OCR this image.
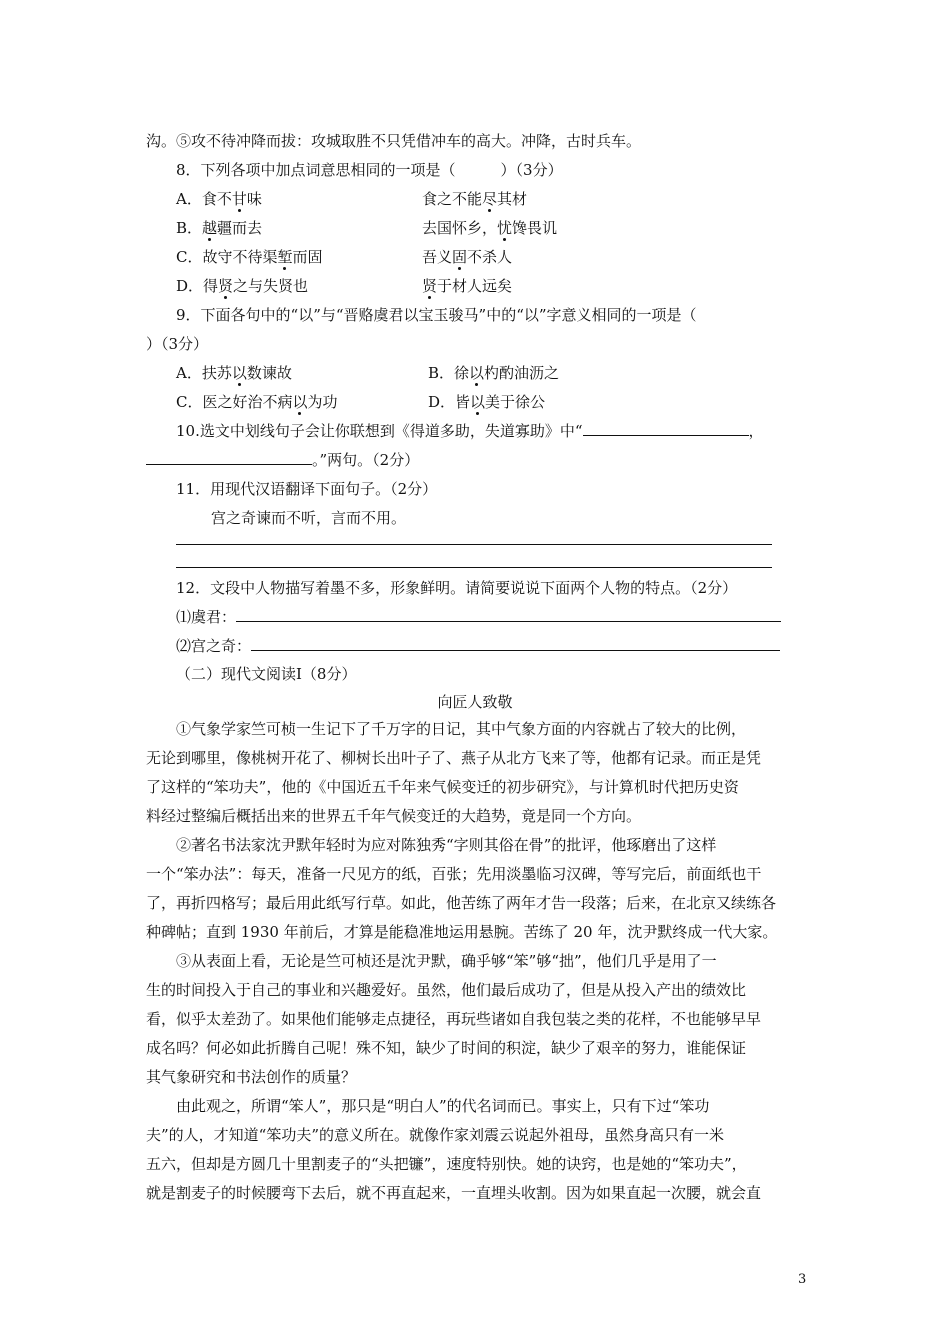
沟。⑤攻不待冲降而拔：攻城取胜不只凭借冲车的高大。冲降，古时兵车。
8．下列各项中加点词意思相同的一项是（　　　）（3分）
A．食不甘味	食之不能尽其材
B．越疆而去	去国怀乡，忧馋畏讥
C．故守不待渠堑而固	吾义固不杀人
D．得贤之与失贤也	贤于材人远矣
9．下面各句中的“以”与“晋赂虞君以宝玉骏马”中的“以”字意义相同的一项是（
）（3分）
A．扶苏以数谏故	B．徐以杓酌油沥之
C．医之好治不病以为功	D．皆以美于徐公
10.选文中划线句子会让你联想到《得道多助，失道寡助》中“	，
。”两句。（2分）
11．用现代汉语翻译下面句子。（2分）
宫之奇谏而不听，言而不用。
12．文段中人物描写着墨不多，形象鲜明。请简要说说下面两个人物的特点。（2分）
⑴虞君：
⑵宫之奇：
（二）现代文阅读Ⅰ（8分）
向匠人致敬
①气象学家竺可桢一生记下了千万字的日记，其中气象方面的内容就占了较大的比例，
无论到哪里，像桃树开花了、柳树长出叶子了、燕子从北方飞来了等，他都有记录。而正是凭
了这样的“笨功夫”，他的《中国近五千年来气候变迁的初步研究》，与计算机时代把历史资
料经过整编后概括出来的世界五千年气候变迁的大趋势，竟是同一个方向。
②著名书法家沈尹默年轻时为应对陈独秀“字则其俗在骨”的批评，他琢磨出了这样
一个“笨办法”：每天，准备一尺见方的纸，百张；先用淡墨临习汉碑，等写完后，前面纸也干
了，再折四格写；最后用此纸写行草。如此，他苦练了两年才告一段落；后来，在北京又续练各
种碑帖；直到 1930 年前后，才算是能稳准地运用悬腕。苦练了 20 年，沈尹默终成一代大家。
③从表面上看，无论是竺可桢还是沈尹默，确乎够“笨”够“拙”，他们几乎是用了一
生的时间投入于自己的事业和兴趣爱好。虽然，他们最后成功了，但是从投入产出的绩效比
看，似乎太差劲了。如果他们能够走点捷径，再玩些诸如自我包装之类的花样，不也能够早早
成名吗？何必如此折腾自己呢！殊不知，缺少了时间的积淀，缺少了艰辛的努力，谁能保证
其气象研究和书法创作的质量？
由此观之，所谓“笨人”，那只是“明白人”的代名词而已。事实上，只有下过“笨功
夫”的人，才知道“笨功夫”的意义所在。就像作家刘震云说起外祖母，虽然身高只有一米
五六，但却是方圆几十里割麦子的“头把镰”，速度特别快。她的诀窍，也是她的“笨功夫”，
就是割麦子的时候腰弯下去后，就不再直起来，一直埋头收割。因为如果直起一次腰，就会直
3
